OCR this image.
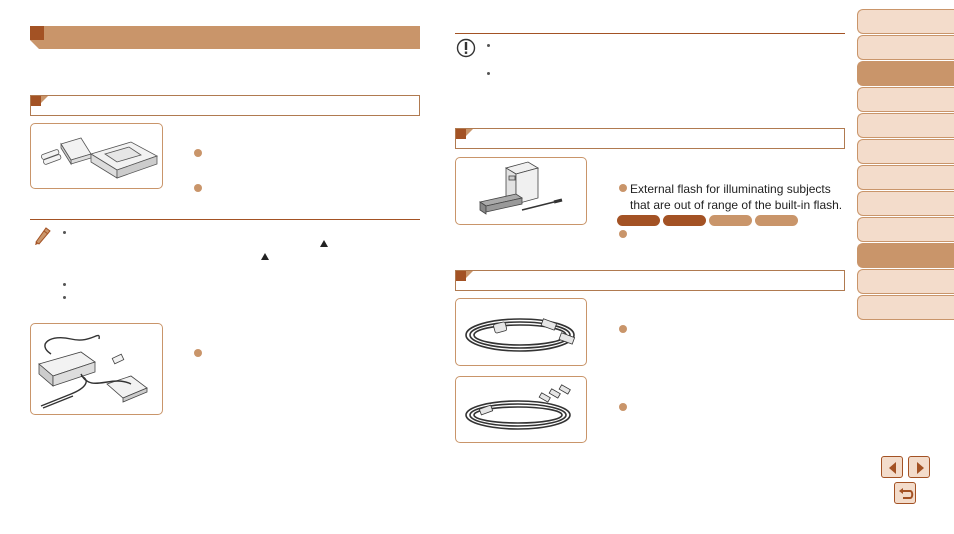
External flash for illuminating subjects that are out of range of the built-in flash.
